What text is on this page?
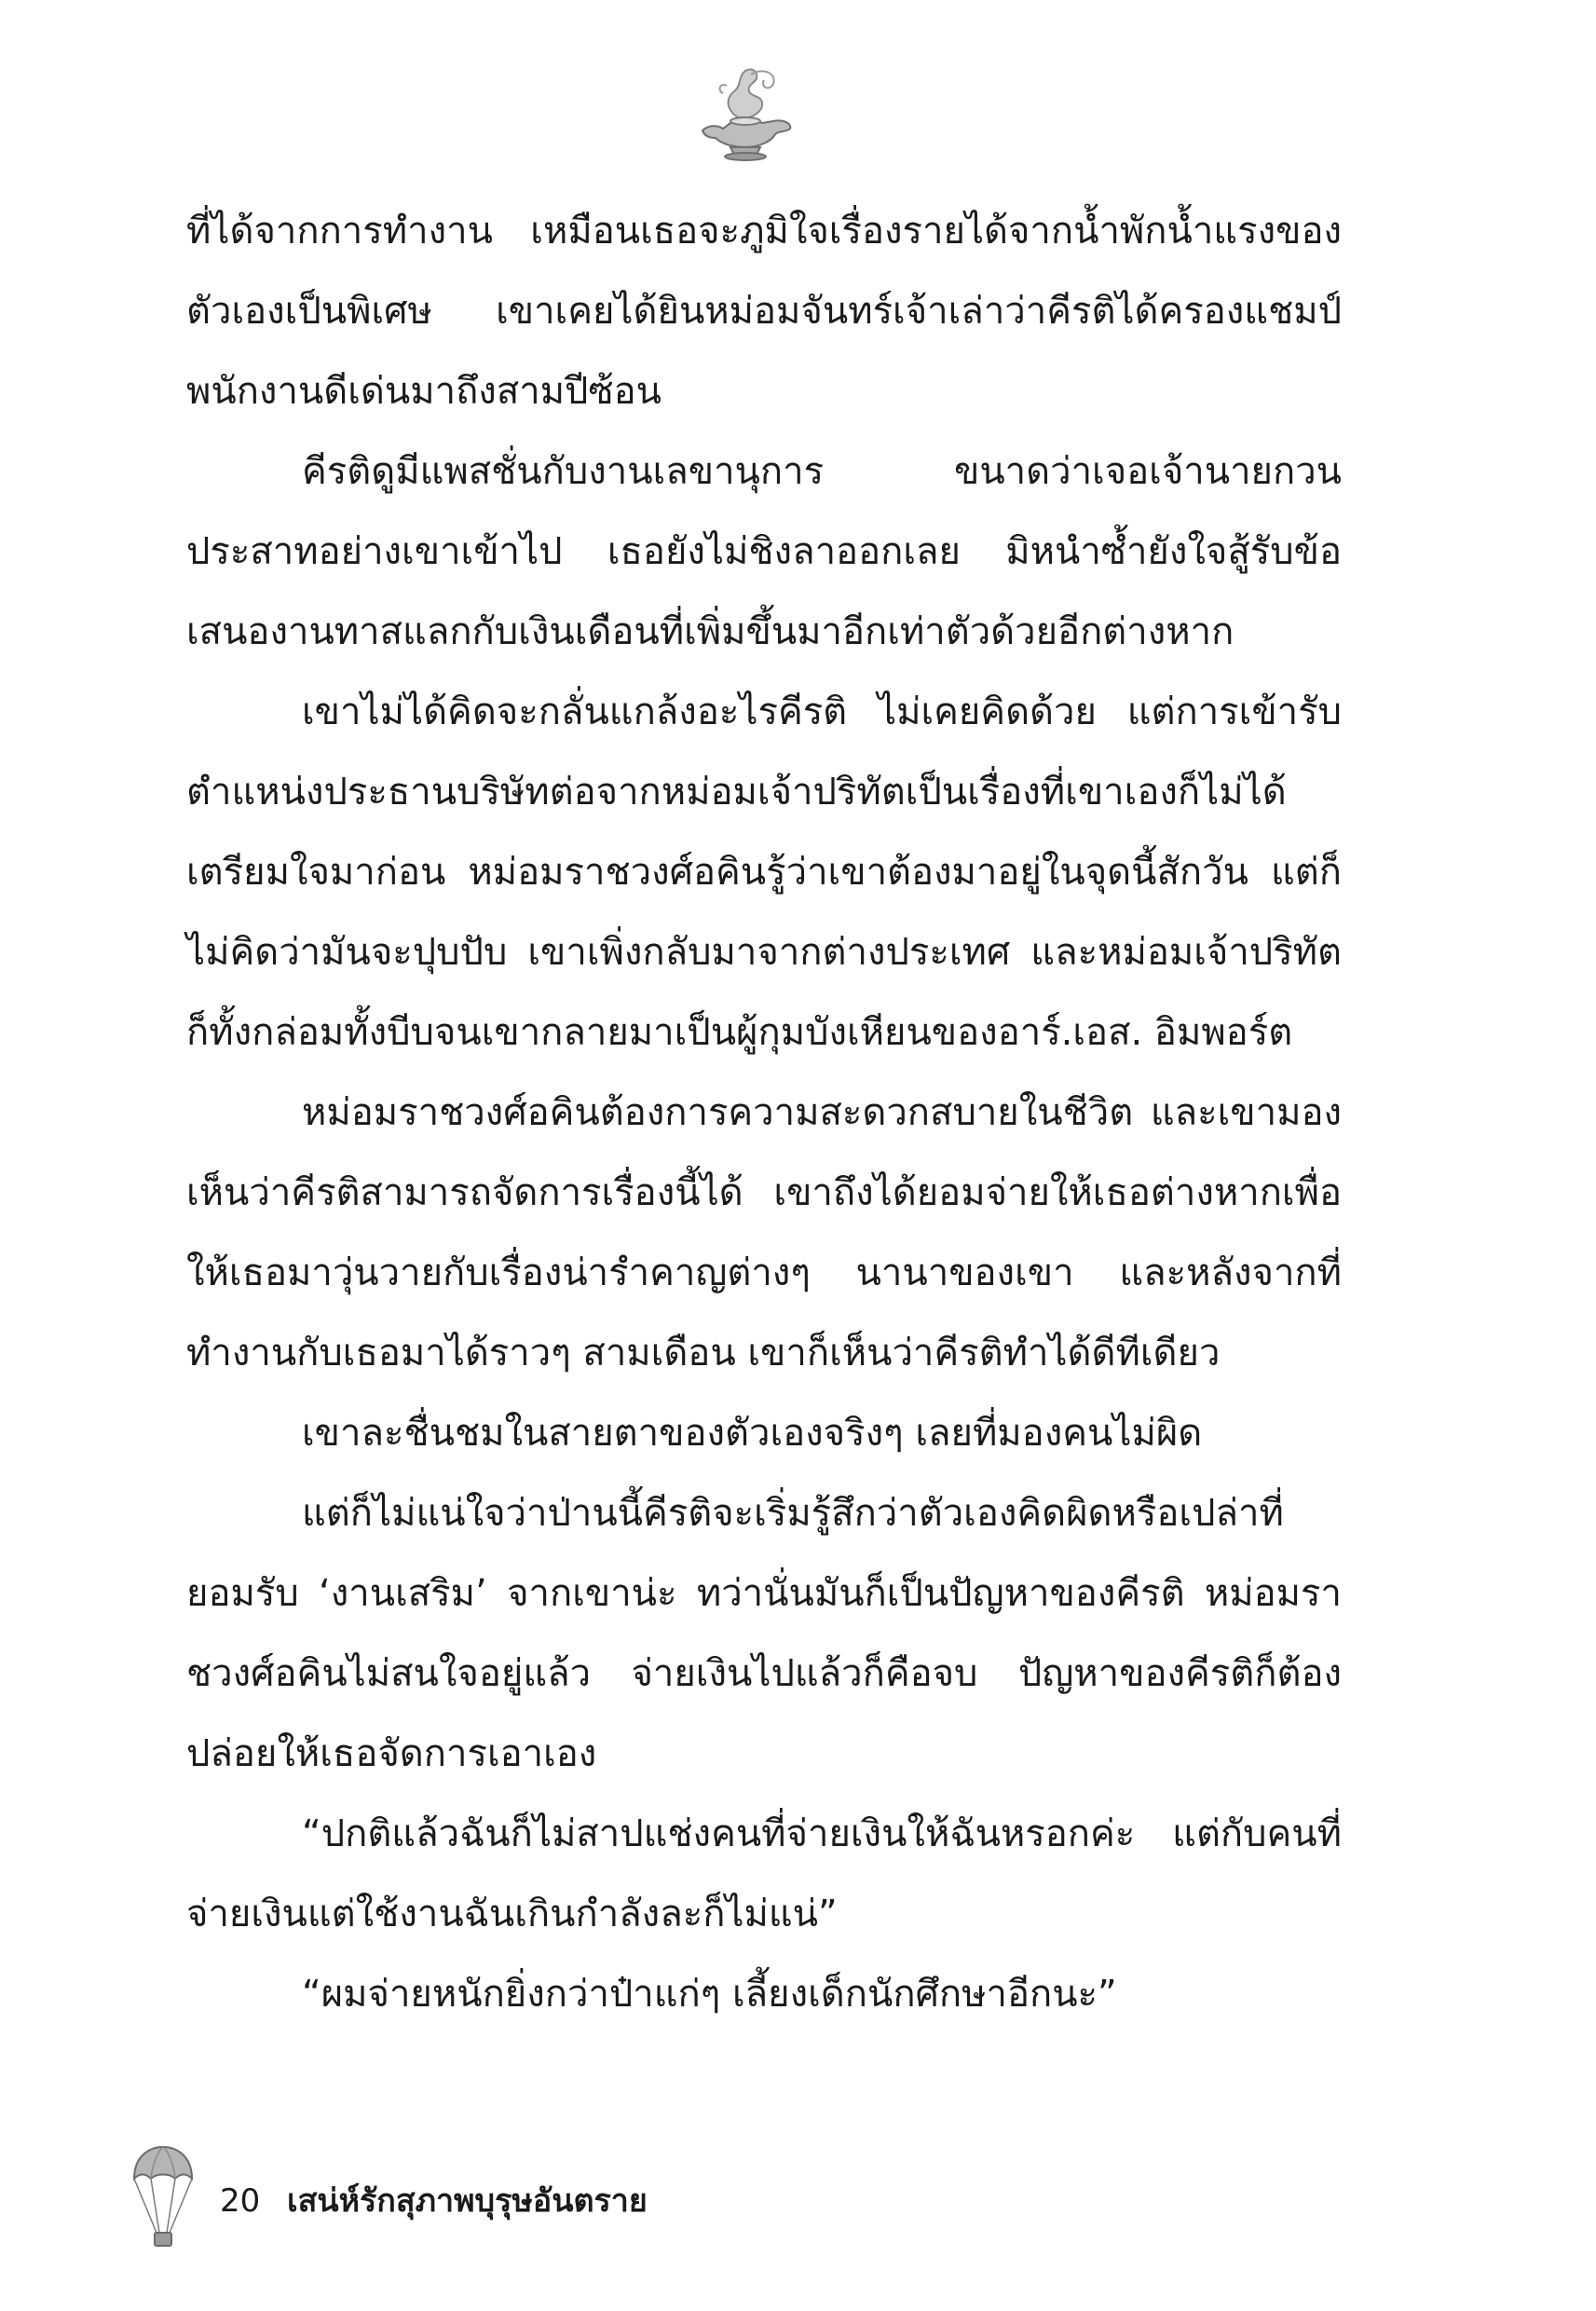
ที่ได้จากการทำงาน เหมือนเธอจะภูมิใจเรื่องรายได้จากน้ำพักน้ำแรงของตัวเองเป็นพิเศษ เขาเคยได้ยินหม่อมจันทร์เจ้าเล่าว่าคีรติได้ครองแชมป์พนักงานดีเด่นมาถึงสามปีซ้อน

คีรติดูมีแพสชั่นกับงานเลขานุการ ขนาดว่าเจอเจ้านายกวนประสาทอย่างเขาเข้าไป เธอยังไม่ชิงลาออกเลย มิหนำซ้ำยังใจสู้รับข้อเสนองานทาสแลกกับเงินเดือนที่เพิ่มขึ้นมาอีกเท่าตัวด้วยอีกต่างหาก

เขาไม่ได้คิดจะกลั่นแกล้งอะไรคีรติ ไม่เคยคิดด้วย แต่การเข้ารับตำแหน่งประธานบริษัทต่อจากหม่อมเจ้าปริทัตเป็นเรื่องที่เขาเองก็ไม่ได้เตรียมใจมาก่อน หม่อมราชวงศ์อคินรู้ว่าเขาต้องมาอยู่ในจุดนี้สักวัน แต่ก็ไม่คิดว่ามันจะปุบปับ เขาเพิ่งกลับมาจากต่างประเทศ และหม่อมเจ้าปริทัตก็ทั้งกล่อมทั้งบีบจนเขากลายมาเป็นผู้กุมบังเหียนของอาร์.เอส. อิมพอร์ต

หม่อมราชวงศ์อคินต้องการความสะดวกสบายในชีวิต และเขามองเห็นว่าคีรติสามารถจัดการเรื่องนี้ได้ เขาถึงได้ยอมจ่ายให้เธอต่างหากเพื่อให้เธอมาวุ่นวายกับเรื่องน่ารำคาญต่างๆ นานาของเขา และหลังจากที่ทำงานกับเธอมาได้ราวๆ สามเดือน เขาก็เห็นว่าคีรติทำได้ดีทีเดียว

เขาละชื่นชมในสายตาของตัวเองจริงๆ เลยที่มองคนไม่ผิด

แต่ก็ไม่แน่ใจว่าป่านนี้คีรติจะเริ่มรู้สึกว่าตัวเองคิดผิดหรือเปล่าที่ยอมรับ ‘งานเสริม’ จากเขาน่ะ ทว่านั่นมันก็เป็นปัญหาของคีรติ หม่อมราชวงศ์อคินไม่สนใจอยู่แล้ว จ่ายเงินไปแล้วก็คือจบ ปัญหาของคีรติก็ต้องปล่อยให้เธอจัดการเอาเอง

“ปกติแล้วฉันก็ไม่สาปแช่งคนที่จ่ายเงินให้ฉันหรอกค่ะ แต่กับคนที่จ่ายเงินแต่ใช้งานฉันเกินกำลังละก็ไม่แน่”

“ผมจ่ายหนักยิ่งกว่าป๋าแก่ๆ เลี้ยงเด็กนักศึกษาอีกนะ”

20 เสน่ห์รักสุภาพบุรุษอันตราย
